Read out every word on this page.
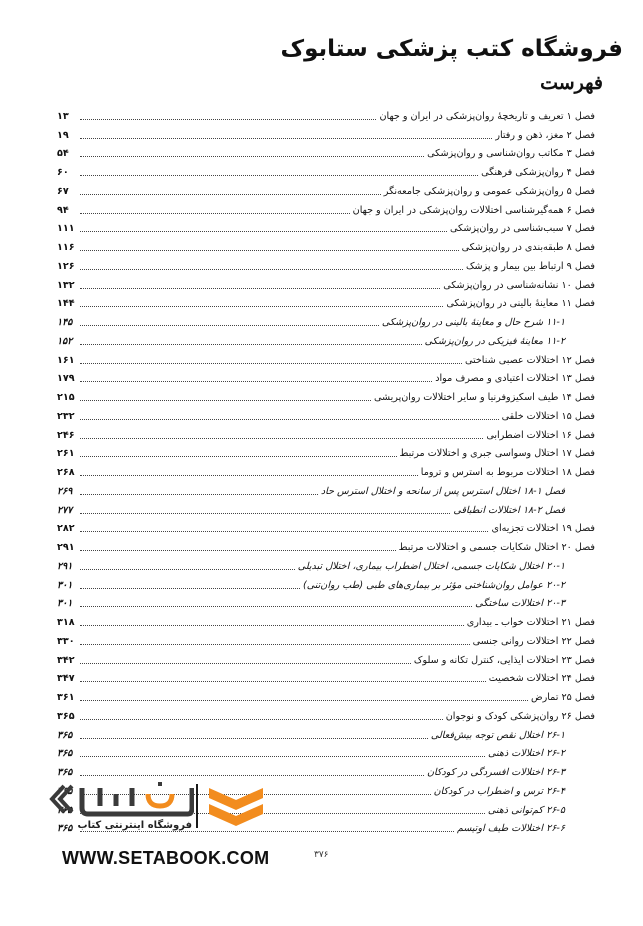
فروشگاه کتب پزشکی ستابوک
فهرست
فصل ۱ تعریف و تاریخچهٔ روان‌پزشکی در ایران و جهان
۱۳
فصل ۲ مغز، ذهن و رفتار
۱۹
فصل ۳ مکاتب روان‌شناسی و روان‌پزشکی
۵۴
فصل ۴ روان‌پزشکی فرهنگی
۶۰
فصل ۵ روان‌پزشکی عمومی و روان‌پزشکی جامعه‌نگر
۶۷
فصل ۶ همه‌گیرشناسی اختلالات روان‌پزشکی در ایران و جهان
۹۴
فصل ۷ سبب‌شناسی در روان‌پزشکی
۱۱۱
فصل ۸ طبقه‌بندی در روان‌پزشکی
۱۱۶
فصل ۹ ارتباط بین بیمار و پزشک
۱۲۶
فصل ۱۰ نشانه‌شناسی در روان‌پزشکی
۱۳۲
فصل ۱۱ معاینهٔ بالینی در روان‌پزشکی
۱۴۴
۱۱-۱ شرح حال و معاینهٔ بالینی در روان‌پزشکی
۱۴۵
۱۱-۲ معاینهٔ فیزیکی در روان‌پزشکی
۱۵۲
فصل ۱۲ اختلالات عصبی‌ شناختی
۱۶۱
فصل ۱۳ اختلالات اعتیادی و مصرف مواد
۱۷۹
فصل ۱۴ طیف اسکیزوفرنیا و سایر اختلالات روان‌پریشی
۲۱۵
فصل ۱۵ اختلالات خلقی
۲۳۲
فصل ۱۶ اختلالات اضطرابی
۲۴۶
فصل ۱۷ اختلال وسواسی جبری و اختلالات مرتبط
۲۶۱
فصل ۱۸ اختلالات مربوط به استرس و تروما
۲۶۸
فصل ۱-۱۸ اختلال استرس پس از سانحه و اختلال استرس حاد
۲۶۹
فصل ۲-۱۸ اختلالات انطباقی
۲۷۷
فصل ۱۹ اختلالات تجزیه‌ای
۲۸۲
فصل ۲۰ اختلال شکایات جسمی و اختلالات مرتبط
۲۹۱
۲۰-۱ اختلال شکایات جسمی، اختلال اضطراب بیماری، اختلال تبدیلی
۲۹۱
۲۰-۲ عوامل روان‌شناختی مؤثر بر بیماری‌های طبی (طب روان‌تنی)
۳۰۱
۲۰-۳ اختلالات ساختگی
۳۰۱
فصل ۲۱ اختلالات خواب ـ بیداری
۳۱۸
فصل ۲۲ اختلالات روانی جنسی
۳۳۰
فصل ۲۳ اختلالات ایذایی، کنترل تکانه و سلوک
۳۴۲
فصل ۲۴ اختلالات شخصیت
۳۴۷
فصل ۲۵ تمارض
۳۶۱
فصل ۲۶ روان‌پزشکی کودک و نوجوان
۳۶۵
۲۶-۱ اختلال نقص توجه بیش‌فعالی
۳۶۵
۲۶-۲ اختلالات ذهنی
۳۶۵
۲۶-۳ اختلالات افسردگی در کودکان
۳۶۵
۲۶-۴ ترس و اضطراب در کودکان
۳۶۵
۲۶-۵ کم‌توانی ذهنی
۳۶۵
۲۶-۶ اختلالات طیف اوتیسم
۳۶۵ فروشگاه اینترنتی کتاب
WWW.SETABOOK.COM	۳۷۶
